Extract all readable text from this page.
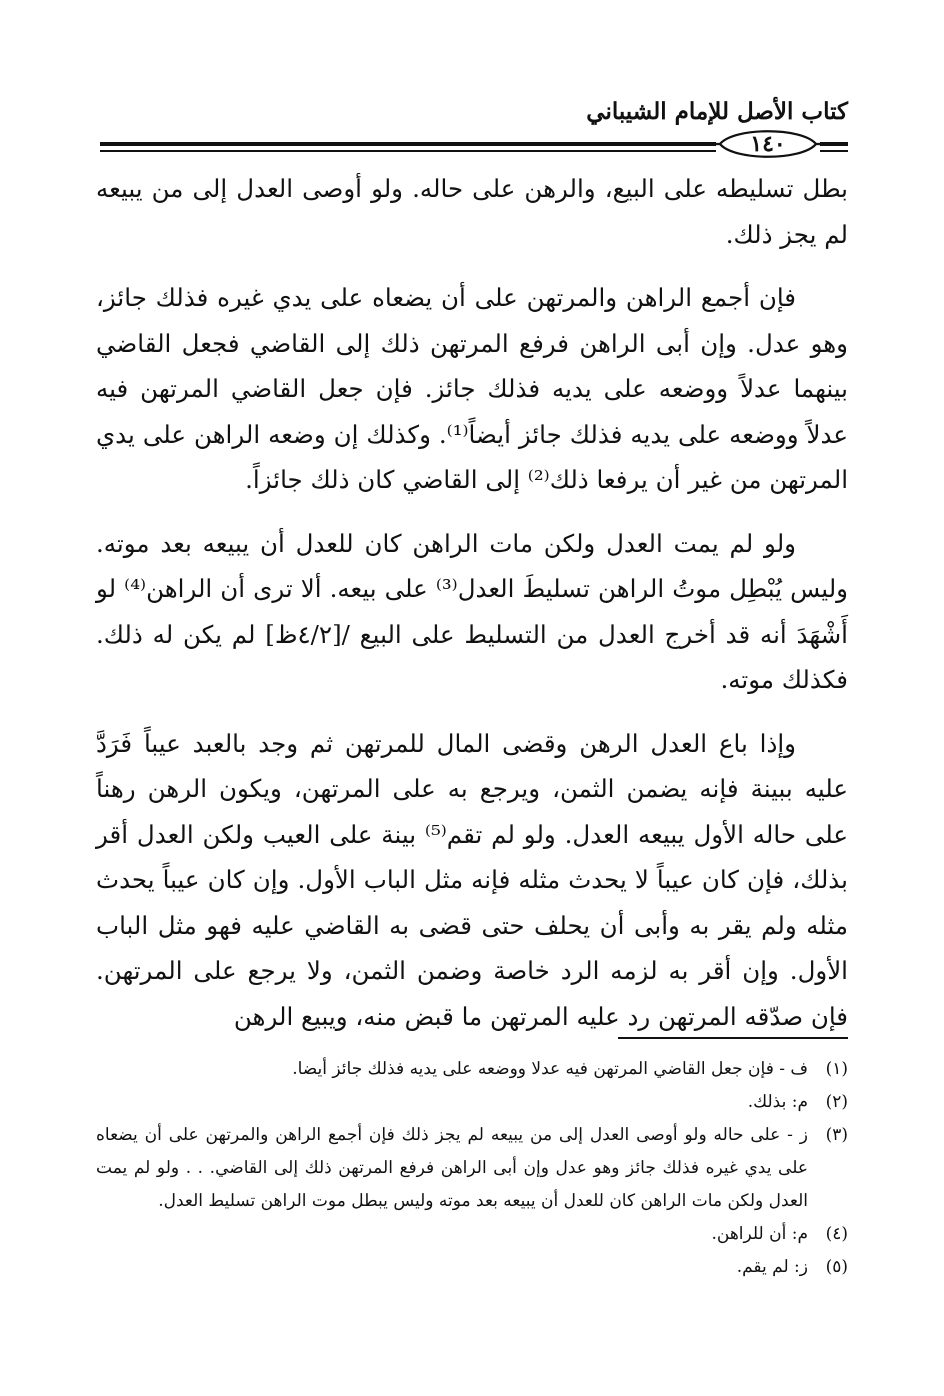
كتاب الأصل للإمام الشيباني
١٤٠

بطل تسليطه على البيع، والرهن على حاله. ولو أوصى العدل إلى من يبيعه لم يجز ذلك.

فإن أجمع الراهن والمرتهن على أن يضعاه على يدي غيره فذلك جائز، وهو عدل. وإن أبى الراهن فرفع المرتهن ذلك إلى القاضي فجعل القاضي بينهما عدلاً ووضعه على يديه فذلك جائز. فإن جعل القاضي المرتهن فيه عدلاً ووضعه على يديه فذلك جائز أيضاً⁽¹⁾. وكذلك إن وضعه الراهن على يدي المرتهن من غير أن يرفعا ذلك⁽²⁾ إلى القاضي كان ذلك جائزاً.

ولو لم يمت العدل ولكن مات الراهن كان للعدل أن يبيعه بعد موته. وليس يُبْطِل موتُ الراهن تسليطَ العدل⁽³⁾ على بيعه. ألا ترى أن الراهن⁽⁴⁾ لو أَشْهَدَ أنه قد أخرج العدل من التسليط على البيع /[٤/٢ظ] لم يكن له ذلك. فكذلك موته.

وإذا باع العدل الرهن وقضى المال للمرتهن ثم وجد بالعبد عيباً فَرَدَّ عليه ببينة فإنه يضمن الثمن، ويرجع به على المرتهن، ويكون الرهن رهناً على حاله الأول يبيعه العدل. ولو لم تقم⁽⁵⁾ بينة على العيب ولكن العدل أقر بذلك، فإن كان عيباً لا يحدث مثله فإنه مثل الباب الأول. وإن كان عيباً يحدث مثله ولم يقر به وأبى أن يحلف حتى قضى به القاضي عليه فهو مثل الباب الأول. وإن أقر به لزمه الرد خاصة وضمن الثمن، ولا يرجع على المرتهن. فإن صدّقه المرتهن رد عليه المرتهن ما قبض منه، ويبيع الرهن

(١)
ف - فإن جعل القاضي المرتهن فيه عدلا ووضعه على يديه فذلك جائز أيضا.
(٢)
م: بذلك.
(٣)
ز - على حاله ولو أوصى العدل إلى من يبيعه لم يجز ذلك فإن أجمع الراهن والمرتهن على أن يضعاه على يدي غيره فذلك جائز وهو عدل وإن أبى الراهن فرفع المرتهن ذلك إلى القاضي. . . ولو لم يمت العدل ولكن مات الراهن كان للعدل أن يبيعه بعد موته وليس يبطل موت الراهن تسليط العدل.
(٤)
م: أن للراهن.
(٥)
ز: لم يقم.
